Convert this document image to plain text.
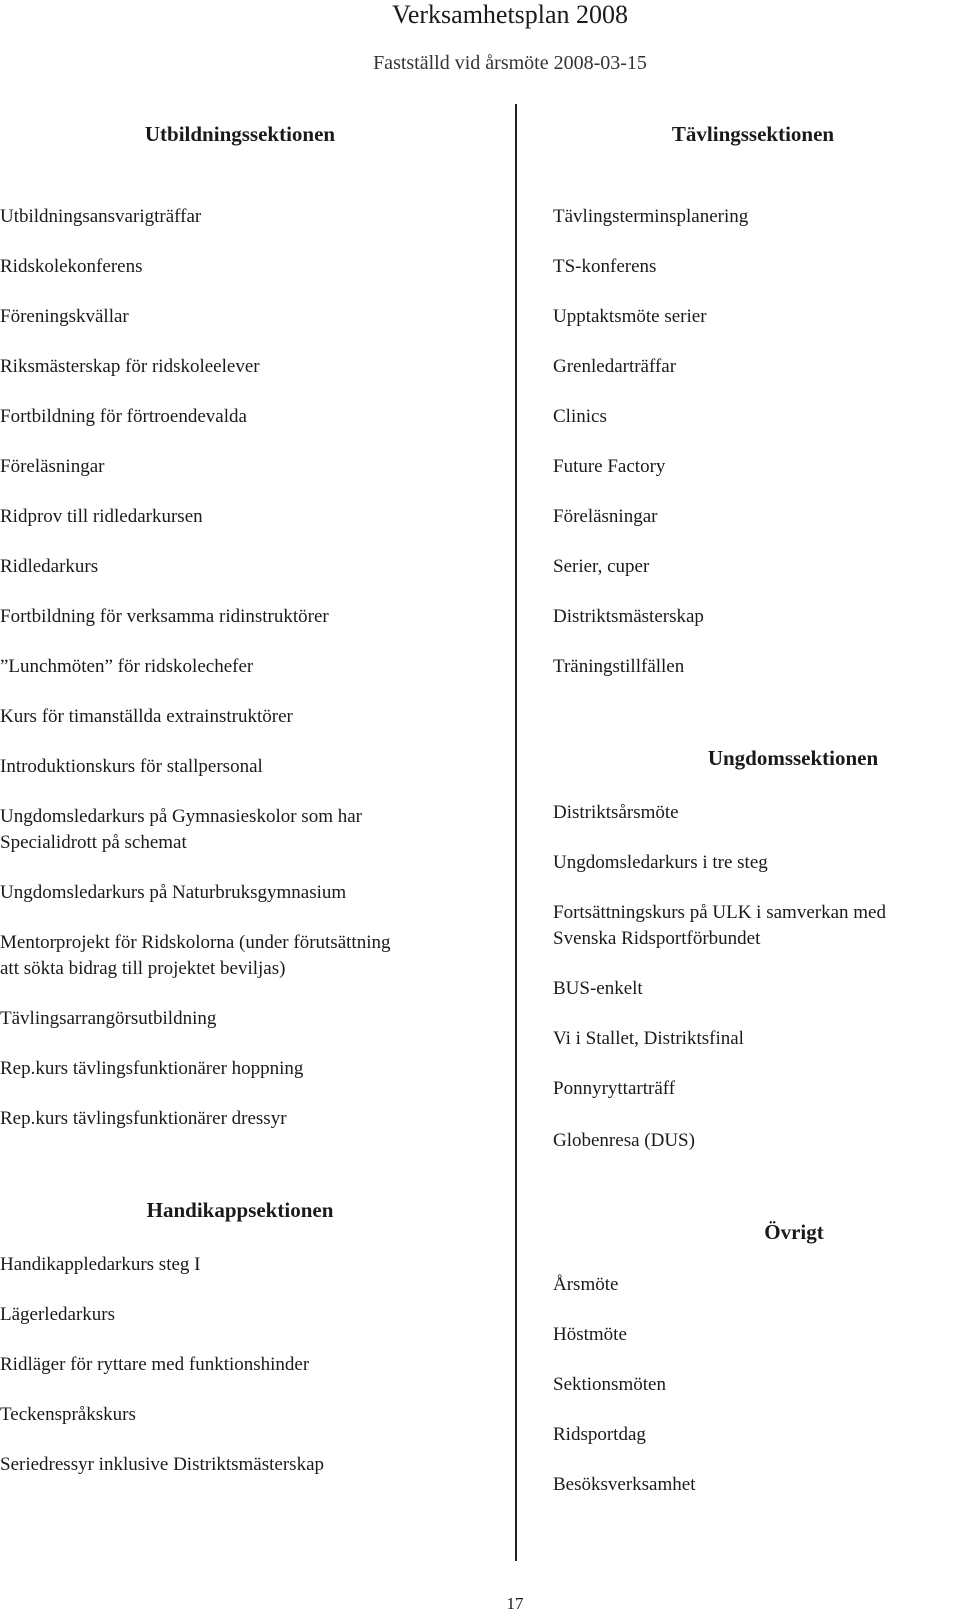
Verksamhetsplan 2008
Fastställd vid årsmöte 2008-03-15
Utbildningssektionen
Utbildningsansvarigträffar
Ridskolekonferens
Föreningskvällar
Riksmästerskap för ridskoleelever
Fortbildning för förtroendevalda
Föreläsningar
Ridprov till ridledarkursen
Ridledarkurs
Fortbildning för verksamma ridinstruktörer
”Lunchmöten” för ridskolechefer
Kurs för timanställda extrainstruktörer
Introduktionskurs för stallpersonal
Ungdomsledarkurs på Gymnasieskolor som har
Specialidrott på schemat
Ungdomsledarkurs på Naturbruksgymnasium
Mentorprojekt för Ridskolorna (under förutsättning
att sökta bidrag till projektet beviljas)
Tävlingsarrangörsutbildning
Rep.kurs tävlingsfunktionärer hoppning
Rep.kurs tävlingsfunktionärer dressyr
Tävlingssektionen
Tävlingsterminsplanering
TS-konferens
Upptaktsmöte serier
Grenledarträffar
Clinics
Future Factory
Föreläsningar
Serier, cuper
Distriktsmästerskap
Träningstillfällen
Ungdomssektionen
Distriktsårsmöte
Ungdomsledarkurs i tre steg
Fortsättningskurs på ULK i samverkan med
Svenska Ridsportförbundet
BUS-enkelt
Vi i Stallet, Distriktsfinal
Ponnyryttarträff
Globenresa (DUS)
Handikappsektionen
Handikappledarkurs steg I
Lägerledarkurs
Ridläger för ryttare med funktionshinder
Teckenspråkskurs
Seriedressyr inklusive Distriktsmästerskap
Övrigt
Årsmöte
Höstmöte
Sektionsmöten
Ridsportdag
Besöksverksamhet
17
